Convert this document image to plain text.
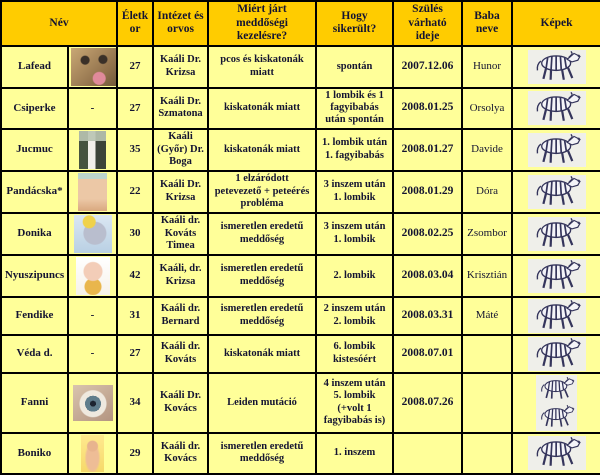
Név		Életkor	Intézet és orvos	Miért járt meddőségi kezelésre?	Hogy sikerült?	Szülés várható ideje	Baba neve	Képek
Lafead		27	Kaáli Dr. Krizsa	pcos és kiskatonák miatt	spontán	2007.12.06	Hunor	

Csiperke	-	27	Kaáli Dr. Szmatona	kiskatonák miatt	1 lombik és 1 fagyibabás után spontán	2008.01.25	Orsolya	

Jucmuc		35	Kaáli (Győr) Dr. Boga	kiskatonák miatt	1. lombik után 1. fagyibabás	2008.01.27	Davide	

Pandácska*		22	Kaáli Dr. Krizsa	1 elzáródott petevezető + peteérés probléma	3 inszem után 1. lombik	2008.01.29	Dóra	

Donika		30	Kaáli dr. Kováts Timea	ismeretlen eredetű meddőség	3 inszem után 1. lombik	2008.02.25	Zsombor	

Nyuszipuncs		42	Kaáli, dr. Krizsa	ismeretlen eredetű meddőség	2. lombik	2008.03.04	Krisztián	

Fendike	-	31	Kaáli dr. Bernard	ismeretlen eredetű meddőség	2 inszem után 2. lombik	2008.03.31	Máté	

Véda d.	-	27	Kaáli dr. Kováts	kiskatonák miatt	6. lombik kistesóért	2008.07.01		

Fanni		34	Kaáli Dr. Kovács	Leiden mutáció	4 inszem után 5. lombik (+volt 1 fagyibabás is)	2008.07.26		

Boniko		29	Kaáli dr. Kovács	ismeretlen eredetű meddőség	1. inszem			
